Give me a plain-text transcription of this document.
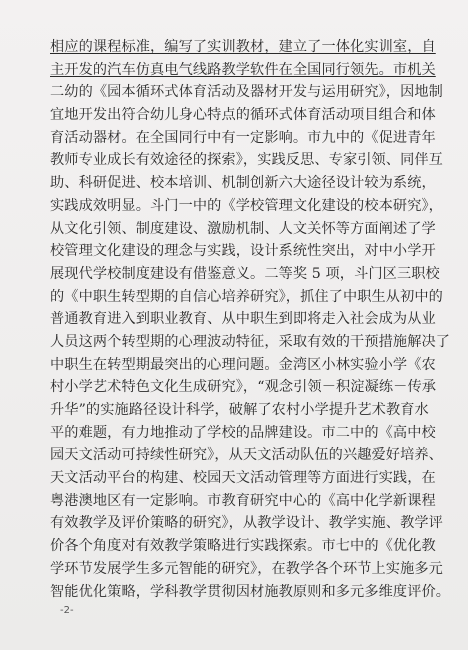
相应的课程标准，编写了实训教材，建立了一体化实训室，自
主开发的汽车仿真电气线路教学软件在全国同行领先。市机关
二幼的《园本循环式体育活动及器材开发与运用研究》，因地制
宜地开发出符合幼儿身心特点的循环式体育活动项目组合和体
育活动器材。在全国同行中有一定影响。市九中的《促进青年
教师专业成长有效途径的探索》，实践反思、专家引领、同伴互
助、科研促进、校本培训、机制创新六大途径设计较为系统，
实践成效明显。斗门一中的《学校管理文化建设的校本研究》，
从文化引领、制度建设、激励机制、人文关怀等方面阐述了学
校管理文化建设的理念与实践，设计系统性突出，对中小学开
展现代学校制度建设有借鉴意义。二等奖 5 项，斗门区三职校
的《中职生转型期的自信心培养研究》，抓住了中职生从初中的
普通教育进入到职业教育、从中职生到即将走入社会成为从业
人员这两个转型期的心理波动特征，采取有效的干预措施解决了
中职生在转型期最突出的心理问题。金湾区小林实验小学《农
村小学艺术特色文化生成研究》，“观念引领－积淀凝练－传承
升华”的实施路径设计科学，破解了农村小学提升艺术教育水
平的难题，有力地推动了学校的品牌建设。市二中的《高中校
园天文活动可持续性研究》，从天文活动队伍的兴趣爱好培养、
天文活动平台的构建、校园天文活动管理等方面进行实践，在
粤港澳地区有一定影响。市教育研究中心的《高中化学新课程
有效教学及评价策略的研究》，从教学设计、教学实施、教学评
价各个角度对有效教学策略进行实践探索。市七中的《优化教
学环节发展学生多元智能的研究》，在教学各个环节上实施多元
智能优化策略，学科教学贯彻因材施教原则和多元多维度评价。
-2-
